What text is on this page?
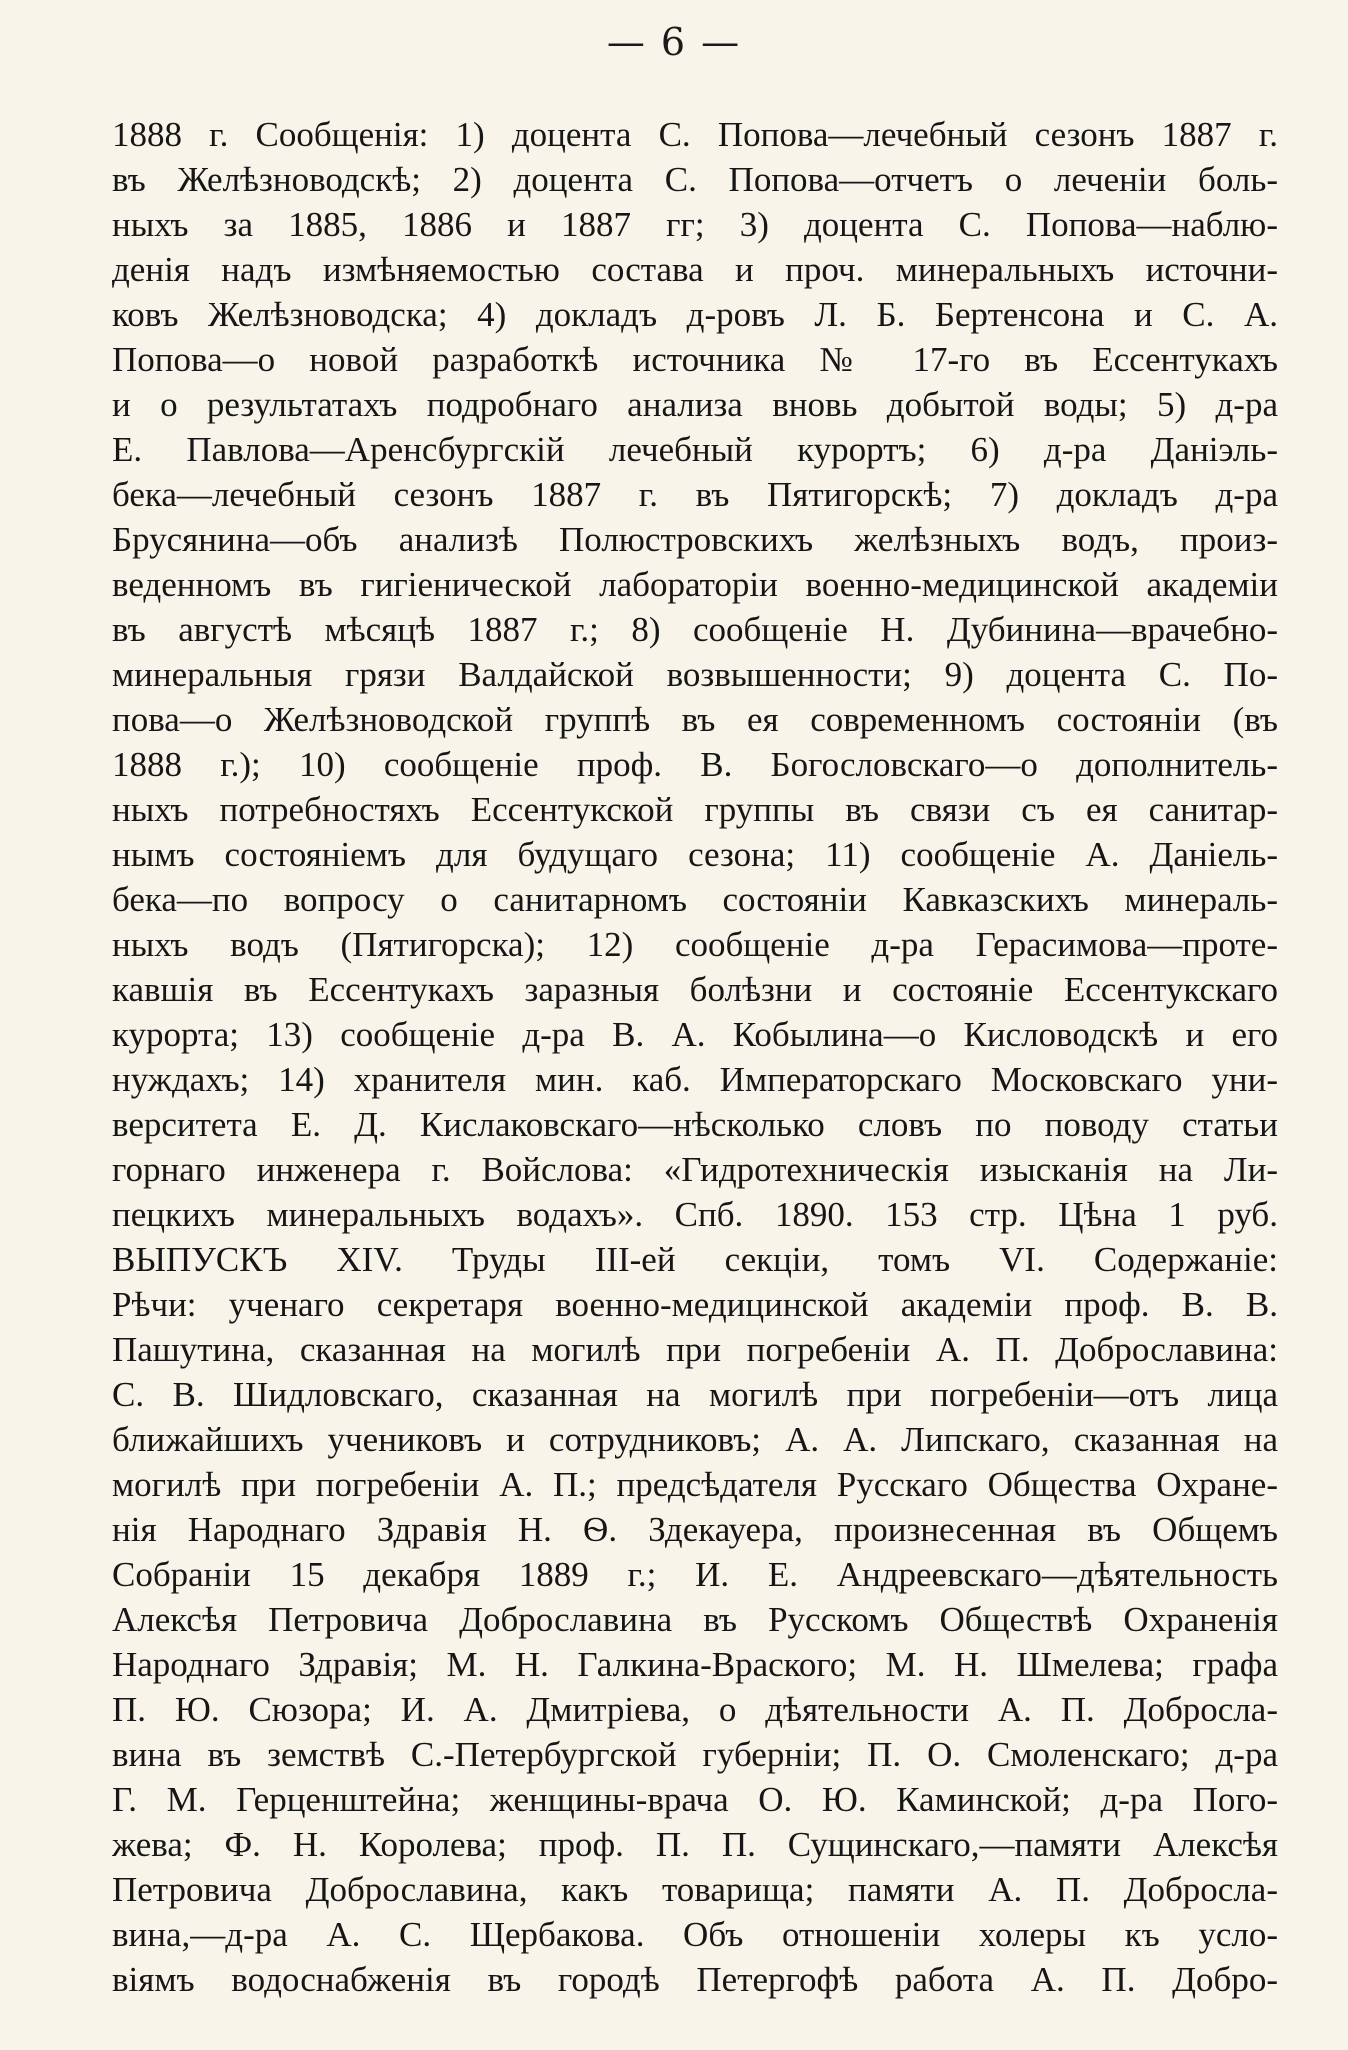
— 6 —
1888 г. Сообщенія: 1) доцента С. Попова—лечебный сезонъ 1887 г.
въ Желѣзноводскѣ; 2) доцента С. Попова—отчетъ о леченіи боль-
ныхъ за 1885, 1886 и 1887 гг; 3) доцента С. Попова—наблю-
денія надъ измѣняемостью состава и проч. минеральныхъ источни-
ковъ Желѣзноводска; 4) докладъ д-ровъ Л. Б. Бертенсона и С. А.
Попова—о новой разработкѣ источника № 17-го въ Ессентукахъ
и о результатахъ подробнаго анализа вновь добытой воды; 5) д-ра
Е. Павлова—Аренсбургскій лечебный курортъ; 6) д-ра Даніэль-
бека—лечебный сезонъ 1887 г. въ Пятигорскѣ; 7) докладъ д-ра
Брусянина—объ анализѣ Полюстровскихъ желѣзныхъ водъ, произ-
веденномъ въ гигіенической лабораторіи военно-медицинской академіи
въ августѣ мѣсяцѣ 1887 г.; 8) сообщеніе Н. Дубинина—врачебно-
минеральныя грязи Валдайской возвышенности; 9) доцента С. По-
пова—о Желѣзноводской группѣ въ ея современномъ состояніи (въ
1888 г.); 10) сообщеніе проф. В. Богословскаго—о дополнитель-
ныхъ потребностяхъ Ессентукской группы въ связи съ ея санитар-
нымъ состояніемъ для будущаго сезона; 11) сообщеніе А. Даніель-
бека—по вопросу о санитарномъ состояніи Кавказскихъ минераль-
ныхъ водъ (Пятигорска); 12) сообщеніе д-ра Герасимова—проте-
кавшія въ Ессентукахъ заразныя болѣзни и состояніе Ессентукскаго
курорта; 13) сообщеніе д-ра В. А. Кобылина—о Кисловодскѣ и его
нуждахъ; 14) хранителя мин. каб. Императорскаго Московскаго уни-
верситета Е. Д. Кислаковскаго—нѣсколько словъ по поводу статьи
горнаго инженера г. Войслова: «Гидротехническія изысканія на Ли-
пецкихъ минеральныхъ водахъ». Спб. 1890. 153 стр. Цѣна 1 руб.
ВЫПУСКЪ XIV. Труды III-ей секціи, томъ VI. Содержаніе:
Рѣчи: ученаго секретаря военно-медицинской академіи проф. В. В.
Пашутина, сказанная на могилѣ при погребеніи А. П. Доброславина:
С. В. Шидловскаго, сказанная на могилѣ при погребеніи—отъ лица
ближайшихъ учениковъ и сотрудниковъ; А. А. Липскаго, сказанная на
могилѣ при погребеніи А. П.; предсѣдателя Русскаго Общества Охране-
нія Народнаго Здравія Н. Ѳ. Здекауера, произнесенная въ Общемъ
Собраніи 15 декабря 1889 г.; И. Е. Андреевскаго—дѣятельность
Алексѣя Петровича Доброславина въ Русскомъ Обществѣ Охраненія
Народнаго Здравія; М. Н. Галкина-Враского; М. Н. Шмелева; графа
П. Ю. Сюзора; И. А. Дмитріева, о дѣятельности А. П. Доброcла-
вина въ земствѣ С.-Петербургской губерніи; П. О. Смоленскаго; д-ра
Г. М. Герценштейна; женщины-врача О. Ю. Каминской; д-ра Пого-
жева; Ф. Н. Королева; проф. П. П. Сущинскаго,—памяти Алексѣя
Петровича Доброславина, какъ товарища; памяти А. П. Доброcла-
вина,—д-ра А. С. Щербакова. Объ отношеніи холеры къ усло-
віямъ водоснабженія въ городѣ Петергофѣ работа А. П. Добро-
